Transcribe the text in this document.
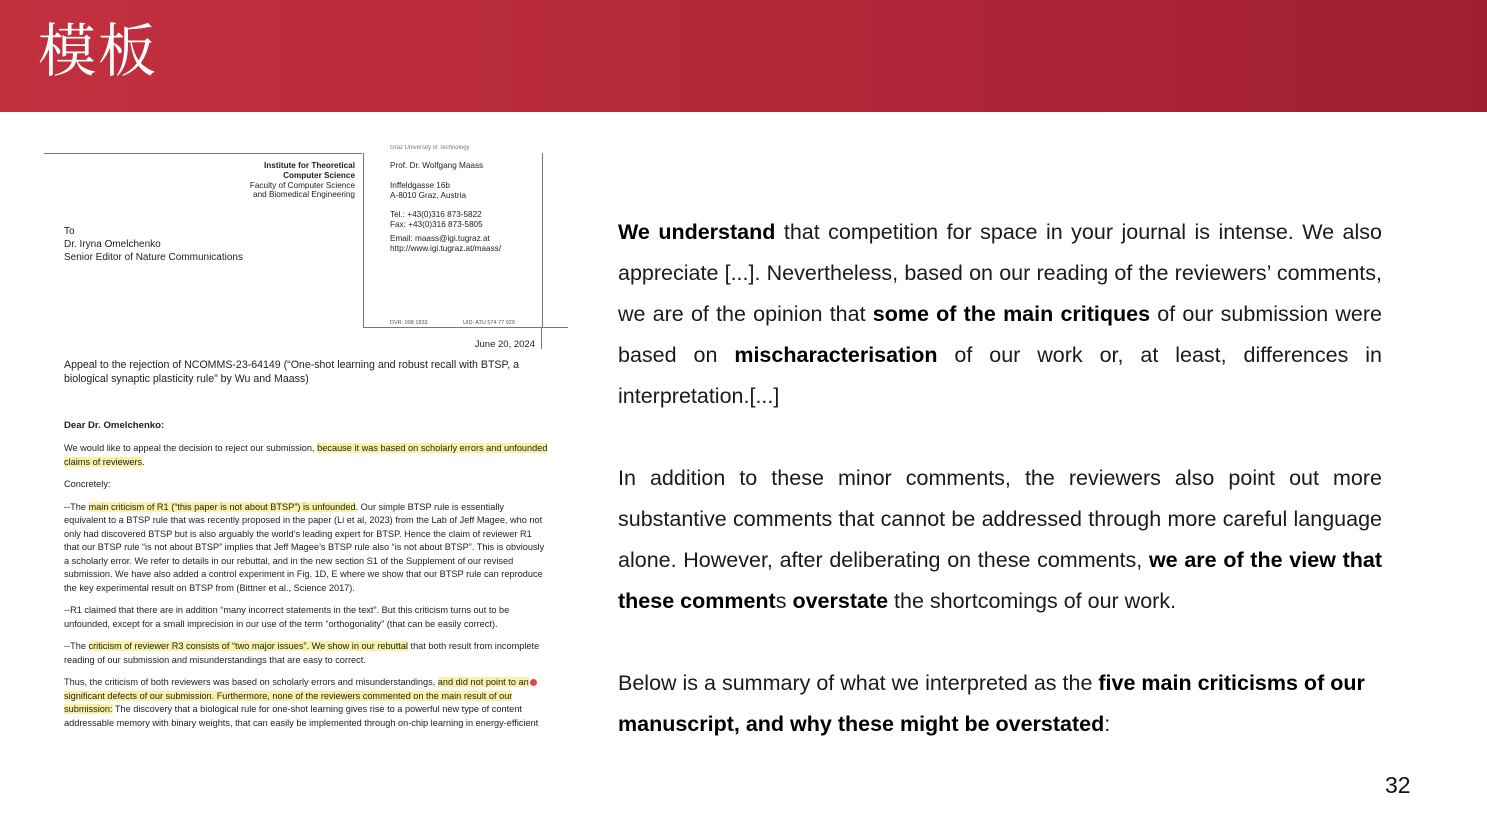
模板
Graz University of Technology
Institute for Theoretical
Computer Science
Faculty of Computer Science
and Biomedical Engineering
Prof. Dr. Wolfgang Maass
Inffeldgasse 16b
A-8010 Graz, Austria
Tel.: +43(0)316 873-5822
Fax: +43(0)316 873-5805
Email: maass@igi.tugraz.at
http://www.igi.tugraz.at/maass/
DVR: 008 1833	UID: ATU 574 77 929
To
Dr. Iryna Omelchenko
Senior Editor of Nature Communications
June 20, 2024
Appeal to the rejection of NCOMMS-23-64149 (“One-shot learning and robust recall with BTSP, a biological synaptic plasticity rule” by Wu and Maass)
Dear Dr. Omelchenko:

We would like to appeal the decision to reject our submission, because it was based on scholarly errors and unfounded claims of reviewers.

Concretely:

--The main criticism of R1 (“this paper is not about BTSP”) is unfounded. Our simple BTSP rule is essentially equivalent to a BTSP rule that was recently proposed in the paper (Li et al, 2023) from the Lab of Jeff Magee, who not only had discovered BTSP but is also arguably the world’s leading expert for BTSP. Hence the claim of reviewer R1 that our BTSP rule “is not about BTSP” implies that Jeff Magee’s BTSP rule also “is not about BTSP”. This is obviously a scholarly error. We refer to details in our rebuttal, and in the new section S1 of the Supplement of our revised submission. We have also added a control experiment in Fig. 1D, E where we show that our BTSP rule can reproduce the key experimental result on BTSP from (Bittner et al., Science 2017).

--R1 claimed that there are in addition “many incorrect statements in the text”. But this criticism turns out to be unfounded, except for a small imprecision in our use of the term “orthogonality” (that can be easily correct).

--The criticism of reviewer R3 consists of “two major issues”. We show in our rebuttal that both result from incomplete reading of our submission and misunderstandings that are easy to correct.

Thus, the criticism of both reviewers was based on scholarly errors and misunderstandings, and did not point to ansignificant defects of our submission. Furthermore, none of the reviewers commented on the main result of our submission: The discovery that a biological rule for one-shot learning gives rise to a powerful new type of content addressable memory with binary weights, that can easily be implemented through on-chip learning in energy-efficient

We understand that competition for space in your journal is intense. We also appreciate [...]. Nevertheless, based on our reading of the reviewers’ comments, we are of the opinion that some of the main critiques of our submission were based on mischaracterisation of our work or, at least, differences in interpretation.[...]

In addition to these minor comments, the reviewers also point out more substantive comments that cannot be addressed through more careful language alone. However, after deliberating on these comments, we are of the view that these comments overstate the shortcomings of our work.

Below is a summary of what we interpreted as the five main criticisms of our manuscript, and why these might be overstated:

32
